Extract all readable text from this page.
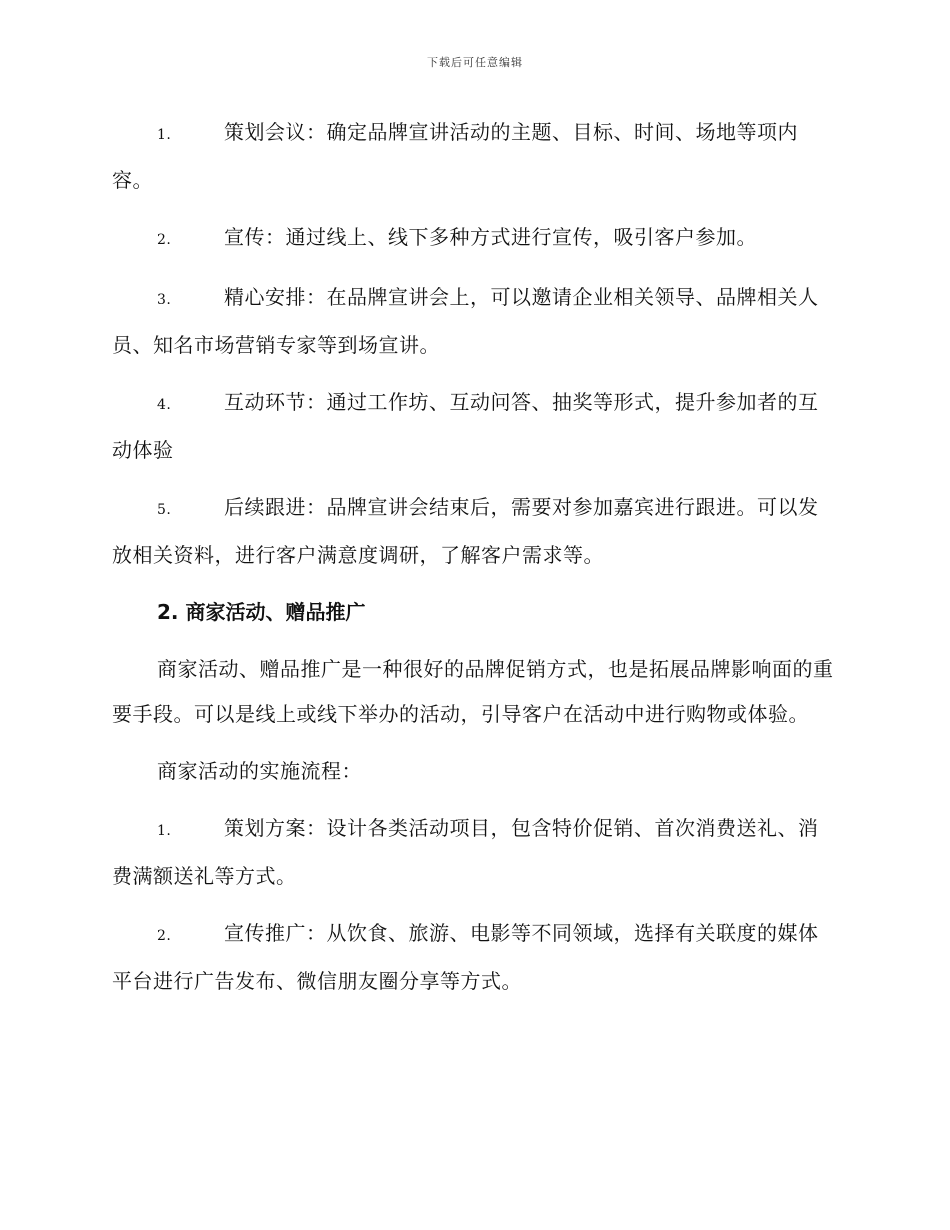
下载后可任意编辑

1.	策划会议：确定品牌宣讲活动的主题、目标、时间、场地等项内容。

2.	宣传：通过线上、线下多种方式进行宣传，吸引客户参加。

3.	精心安排：在品牌宣讲会上，可以邀请企业相关领导、品牌相关人员、知名市场营销专家等到场宣讲。

4.	互动环节：通过工作坊、互动问答、抽奖等形式，提升参加者的互动体验

5.	后续跟进：品牌宣讲会结束后，需要对参加嘉宾进行跟进。可以发放相关资料，进行客户满意度调研，了解客户需求等。

2. 商家活动、赠品推广

商家活动、赠品推广是一种很好的品牌促销方式，也是拓展品牌影响面的重要手段。可以是线上或线下举办的活动，引导客户在活动中进行购物或体验。

商家活动的实施流程：

1.	策划方案：设计各类活动项目，包含特价促销、首次消费送礼、消费满额送礼等方式。

2.	宣传推广：从饮食、旅游、电影等不同领域，选择有关联度的媒体平台进行广告发布、微信朋友圈分享等方式。
